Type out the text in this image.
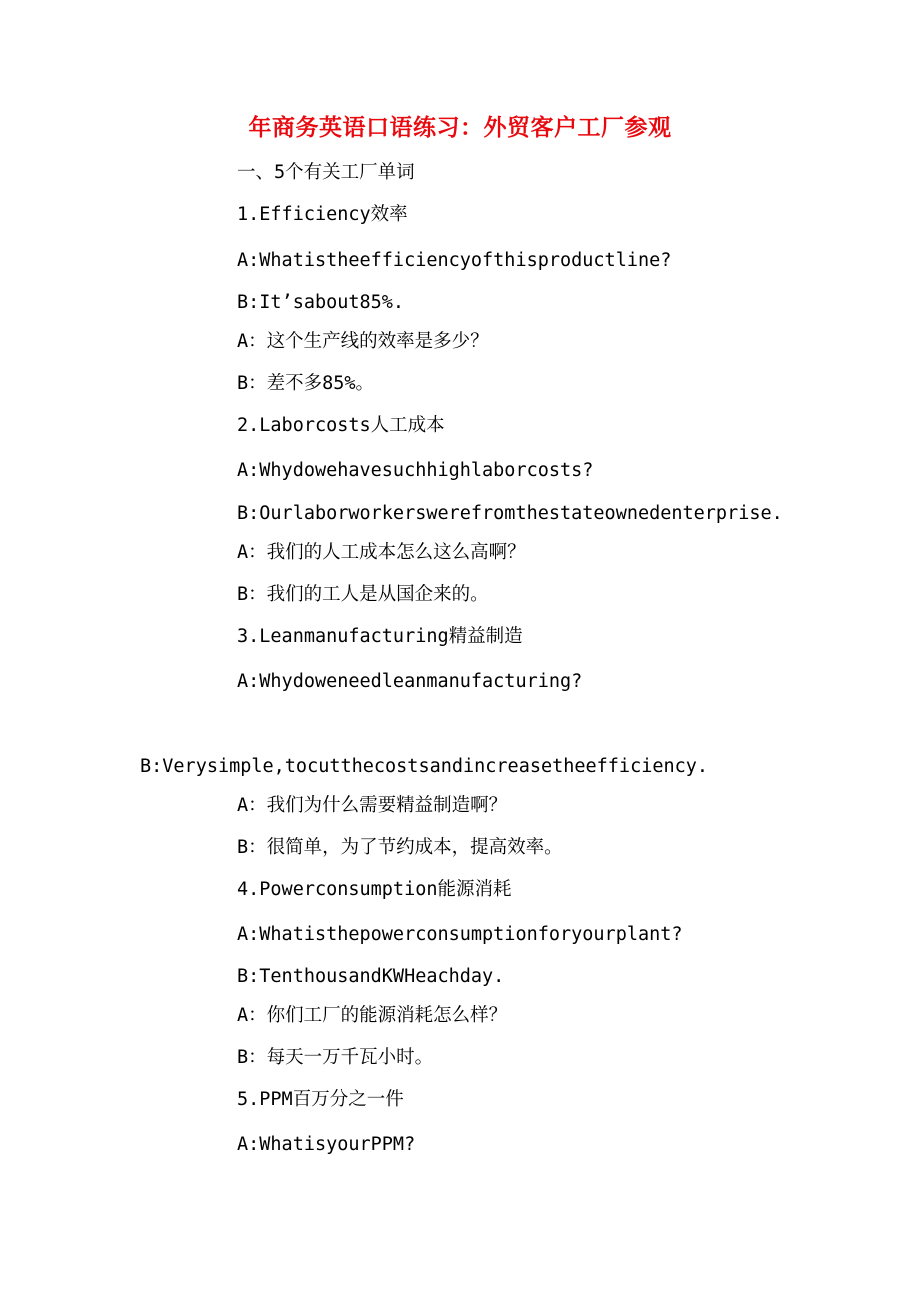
年商务英语口语练习：外贸客户工厂参观
一、5个有关工厂单词
1.Efficiency效率
A:Whatistheefficiencyofthisproductline?
B:It’sabout85%.
A：这个生产线的效率是多少？
B：差不多85%。
2.Laborcosts人工成本
A:Whydowehavesuchhighlaborcosts?
B:Ourlaborworkerswerefromthestateownedenterprise.
A：我们的人工成本怎么这么高啊？
B：我们的工人是从国企来的。
3.Leanmanufacturing精益制造
A:Whydoweneedleanmanufacturing?
B:Verysimple,tocutthecostsandincreasetheefficiency.
A：我们为什么需要精益制造啊？
B：很简单，为了节约成本，提高效率。
4.Powerconsumption能源消耗
A:Whatisthepowerconsumptionforyourplant?
B:TenthousandKWHeachday.
A：你们工厂的能源消耗怎么样？
B：每天一万千瓦小时。
5.PPM百万分之一件
A:WhatisyourPPM?
